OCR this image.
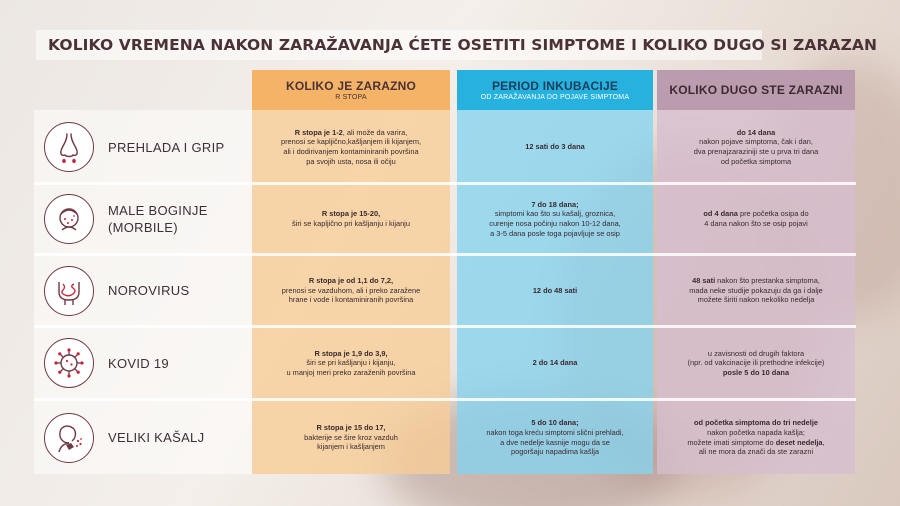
KOLIKO VREMENA NAKON ZARAŽAVANJA ĆETE OSETITI SIMPTOME I KOLIKO DUGO SI ZARAZAN
KOLIKO JE ZARAZNO
R STOPA
PERIOD INKUBACIJE
OD ZARAŽAVANJA DO POJAVE SIMPTOMA
KOLIKO DUGO STE ZARAZNI
PREHLADA I GRIP
R stopa je 1-2, ali može da varira,
prenosi se kapljično,kašljanjem ili kijanjem,
ali i dodirivanjem kontaminiranih površina
pa svojih usta, nosa ili očiju
12 sati do 3 dana
do 14 dana
nakon pojave simptoma, čak i dan,
dva prenajzaraziniji ste u prva tri dana
od početka simptoma
MALE BOGINJE
(MORBILE)
R stopa je 15-20,
širi se kapljično pri kašljanju i kijanju
7 do 18 dana;
simptomi kao što su kašalj, groznica,
curenje nosa počinju nakon 10-12 dana,
a 3-5 dana posle toga pojavljuje se osip
od 4 dana pre početka osipa do
4 dana nakon što se osip pojavi
NOROVIRUS
R stopa je od 1,1 do 7,2,
prenosi se vazduhom, ali i preko zaražene
hrane i vode i kontaminiranih površina
12 do 48 sati
48 sati nakon što prestanka simptoma,
mada neke studije pokazuju da ga i dalje
možete širiti nakon nekoliko nedelja
KOVID 19
R stopa je 1,9 do 3,9,
širi se pri kašljanju i kijanju,
u manjoj meri preko zaraženih površina
2 do 14 dana
u zavisnosti od drugih faktora
(npr. od vakcinacije ili prethodne infekcije)
posle 5 do 10 dana
VELIKI KAŠALJ
R stopa je 15 do 17,
bakterije se šire kroz vazduh
kijanjem i kašljanjem
5 do 10 dana;
nakon toga kreću simptomi slični prehladi,
a dve nedelje kasnije mogu da se
pogoršaju napadima kašlja
od početka simptoma do tri nedelje
nakon početka napada kašlja;
možete imati simptome do deset nedelja,
ali ne mora da znači da ste zarazni
